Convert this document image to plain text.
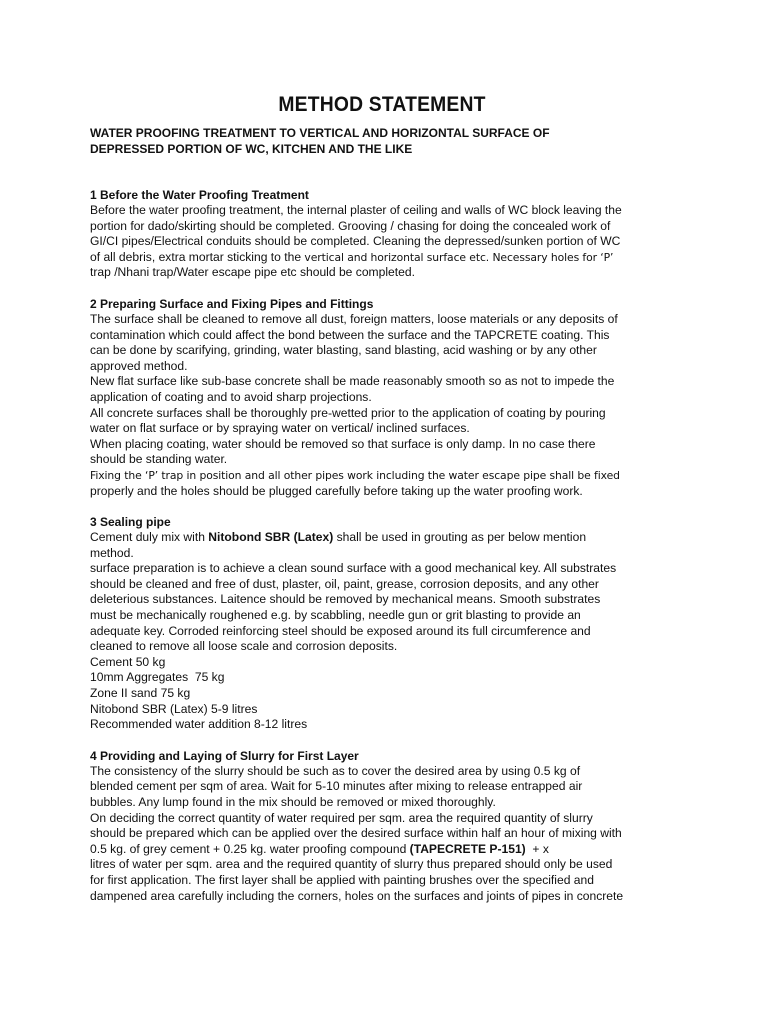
METHOD STATEMENT
WATER PROOFING TREATMENT TO VERTICAL AND HORIZONTAL SURFACE OF
DEPRESSED PORTION OF WC, KITCHEN AND THE LIKE
1 Before the Water Proofing Treatment
Before the water proofing treatment, the internal plaster of ceiling and walls of WC block leaving the
portion for dado/skirting should be completed. Grooving / chasing for doing the concealed work of
GI/CI pipes/Electrical conduits should be completed. Cleaning the depressed/sunken portion of WC
of all debris, extra mortar sticking to the vertical and horizontal surface etc. Necessary holes for ‘P’
trap /Nhani trap/Water escape pipe etc should be completed.
2 Preparing Surface and Fixing Pipes and Fittings
The surface shall be cleaned to remove all dust, foreign matters, loose materials or any deposits of
contamination which could affect the bond between the surface and the TAPCRETE coating. This
can be done by scarifying, grinding, water blasting, sand blasting, acid washing or by any other
approved method.
New flat surface like sub-base concrete shall be made reasonably smooth so as not to impede the
application of coating and to avoid sharp projections.
All concrete surfaces shall be thoroughly pre-wetted prior to the application of coating by pouring
water on flat surface or by spraying water on vertical/ inclined surfaces.
When placing coating, water should be removed so that surface is only damp. In no case there
should be standing water.
Fixing the ‘P’ trap in position and all other pipes work including the water escape pipe shall be fixed
properly and the holes should be plugged carefully before taking up the water proofing work.
3 Sealing pipe
Cement duly mix with Nitobond SBR (Latex) shall be used in grouting as per below mention
method.
surface preparation is to achieve a clean sound surface with a good mechanical key. All substrates
should be cleaned and free of dust, plaster, oil, paint, grease, corrosion deposits, and any other
deleterious substances. Laitence should be removed by mechanical means. Smooth substrates
must be mechanically roughened e.g. by scabbling, needle gun or grit blasting to provide an
adequate key. Corroded reinforcing steel should be exposed around its full circumference and
cleaned to remove all loose scale and corrosion deposits.
Cement 50 kg
10mm Aggregates  75 kg
Zone II sand 75 kg
Nitobond SBR (Latex) 5-9 litres
Recommended water addition 8-12 litres
4 Providing and Laying of Slurry for First Layer
The consistency of the slurry should be such as to cover the desired area by using 0.5 kg of
blended cement per sqm of area. Wait for 5-10 minutes after mixing to release entrapped air
bubbles. Any lump found in the mix should be removed or mixed thoroughly.
On deciding the correct quantity of water required per sqm. area the required quantity of slurry
should be prepared which can be applied over the desired surface within half an hour of mixing with
0.5 kg. of grey cement + 0.25 kg. water proofing compound (TAPECRETE P-151)  + x
litres of water per sqm. area and the required quantity of slurry thus prepared should only be used
for first application. The first layer shall be applied with painting brushes over the specified and
dampened area carefully including the corners, holes on the surfaces and joints of pipes in concrete
